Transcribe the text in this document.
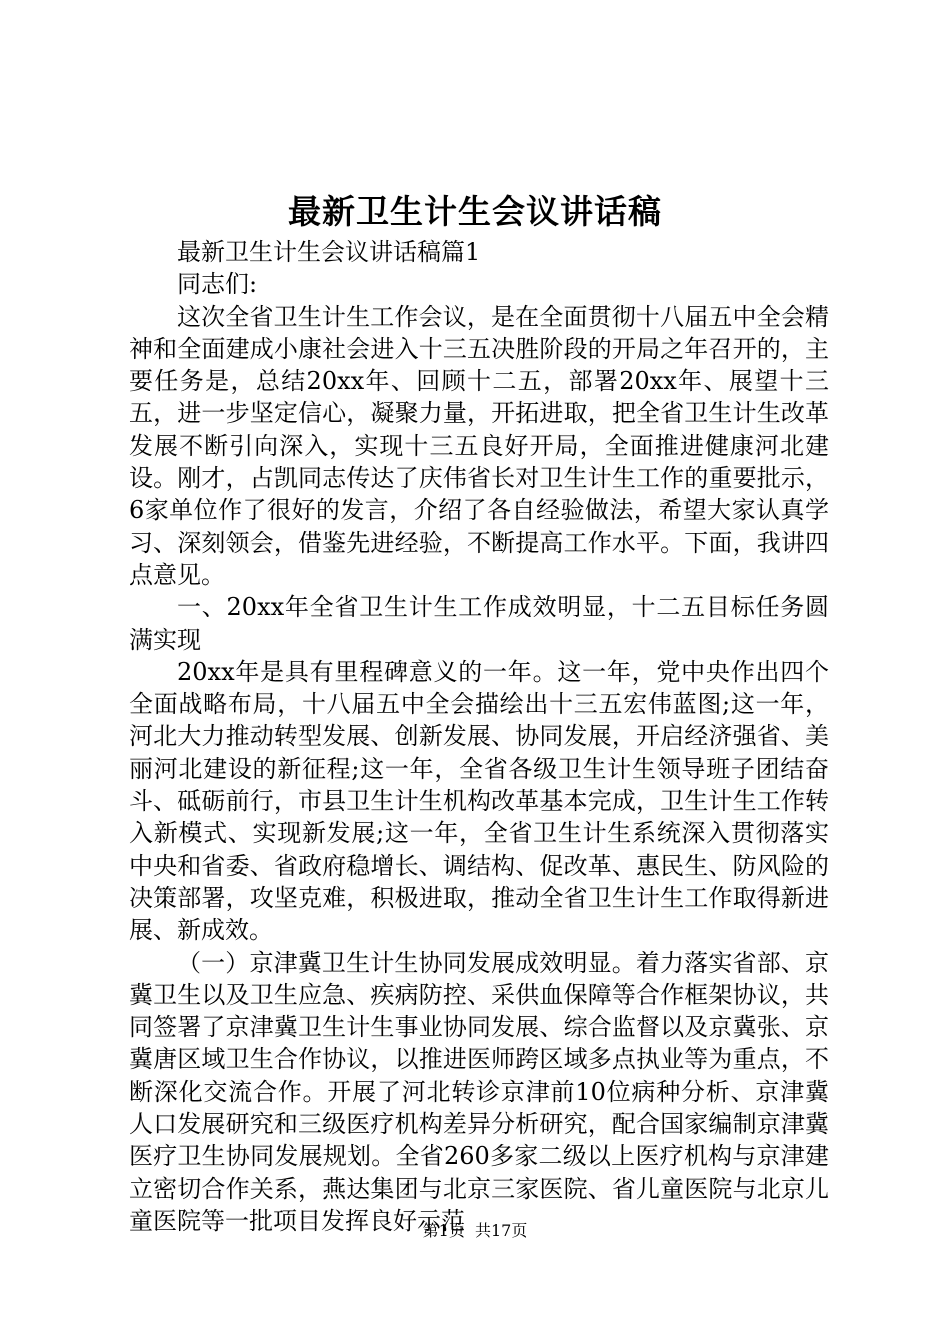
最新卫生计生会议讲话稿

最新卫生计生会议讲话稿篇1

同志们:

这次全省卫生计生工作会议，是在全面贯彻十八届五中全会精神和全面建成小康社会进入十三五决胜阶段的开局之年召开的，主要任务是，总结20xx年、回顾十二五，部署20xx年、展望十三五，进一步坚定信心，凝聚力量，开拓进取，把全省卫生计生改革发展不断引向深入，实现十三五良好开局，全面推进健康河北建设。刚才，占凯同志传达了庆伟省长对卫生计生工作的重要批示，6家单位作了很好的发言，介绍了各自经验做法，希望大家认真学习、深刻领会，借鉴先进经验，不断提高工作水平。下面，我讲四点意见。

一、20xx年全省卫生计生工作成效明显，十二五目标任务圆满实现

20xx年是具有里程碑意义的一年。这一年，党中央作出四个全面战略布局，十八届五中全会描绘出十三五宏伟蓝图;这一年，河北大力推动转型发展、创新发展、协同发展，开启经济强省、美丽河北建设的新征程;这一年，全省各级卫生计生领导班子团结奋斗、砥砺前行，市县卫生计生机构改革基本完成，卫生计生工作转入新模式、实现新发展;这一年，全省卫生计生系统深入贯彻落实中央和省委、省政府稳增长、调结构、促改革、惠民生、防风险的决策部署，攻坚克难，积极进取，推动全省卫生计生工作取得新进展、新成效。

（一）京津冀卫生计生协同发展成效明显。着力落实省部、京冀卫生以及卫生应急、疾病防控、采供血保障等合作框架协议，共同签署了京津冀卫生计生事业协同发展、综合监督以及京冀张、京冀唐区域卫生合作协议，以推进医师跨区域多点执业等为重点，不断深化交流合作。开展了河北转诊京津前10位病种分析、京津冀人口发展研究和三级医疗机构差异分析研究，配合国家编制京津冀医疗卫生协同发展规划。全省260多家二级以上医疗机构与京津建立密切合作关系，燕达集团与北京三家医院、省儿童医院与北京儿童医院等一批项目发挥良好示范

第1页  共17页
